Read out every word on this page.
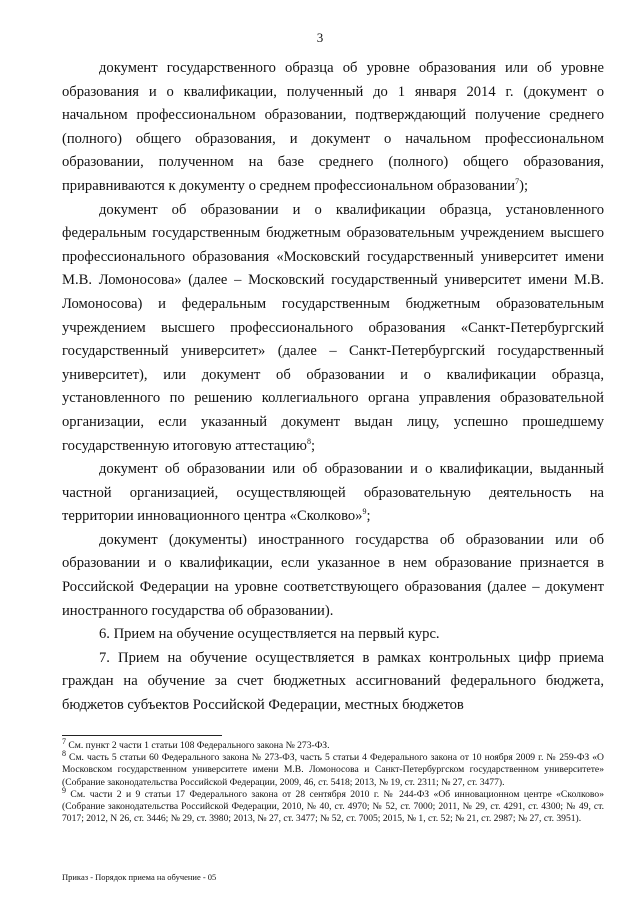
3

документ государственного образца об уровне образования или об уровне образования и о квалификации, полученный до 1 января 2014 г. (документ о начальном профессиональном образовании, подтверждающий получение среднего (полного) общего образования, и документ о начальном профессиональном образовании, полученном на базе среднего (полного) общего образования, приравниваются к документу о среднем профессиональном образовании$^7$);

документ об образовании и о квалификации образца, установленного федеральным государственным бюджетным образовательным учреждением высшего профессионального образования «Московский государственный университет имени М.В. Ломоносова» (далее – Московский государственный университет имени М.В. Ломоносова) и федеральным государственным бюджетным образовательным учреждением высшего профессионального образования «Санкт-Петербургский государственный университет» (далее – Санкт-Петербургский государственный университет), или документ об образовании и о квалификации образца, установленного по решению коллегиального органа управления образовательной организации, если указанный документ выдан лицу, успешно прошедшему государственную итоговую аттестацию$^8$;

документ об образовании или об образовании и о квалификации, выданный частной организацией, осуществляющей образовательную деятельность на территории инновационного центра «Сколково»$^9$;

документ (документы) иностранного государства об образовании или об образовании и о квалификации, если указанное в нем образование признается в Российской Федерации на уровне соответствующего образования (далее – документ иностранного государства об образовании).

6. Прием на обучение осуществляется на первый курс.

7. Прием на обучение осуществляется в рамках контрольных цифр приема граждан на обучение за счет бюджетных ассигнований федерального бюджета, бюджетов субъектов Российской Федерации, местных бюджетов

$^7$ См. пункт 2 части 1 статьи 108 Федерального закона № 273-ФЗ.

$^8$ См. часть 5 статьи 60 Федерального закона № 273-ФЗ, часть 5 статьи 4 Федерального закона от 10 ноября 2009 г. № 259-ФЗ «О Московском государственном университете имени М.В. Ломоносова и Санкт-Петербургском государственном университете» (Собрание законодательства Российской Федерации, 2009, 46, ст. 5418; 2013, № 19, ст. 2311; № 27, ст. 3477).

$^9$ См. части 2 и 9 статьи 17 Федерального закона от 28 сентября 2010 г. № 244-ФЗ «Об инновационном центре «Сколково» (Собрание законодательства Российской Федерации, 2010, № 40, ст. 4970; № 52, ст. 7000; 2011, № 29, ст. 4291, ст. 4300; № 49, ст. 7017; 2012, N 26, ст. 3446; № 29, ст. 3980; 2013, № 27, ст. 3477; № 52, ст. 7005; 2015, № 1, ст. 52; № 21, ст. 2987; № 27, ст. 3951).

Приказ - Порядок приема на обучение - 05
